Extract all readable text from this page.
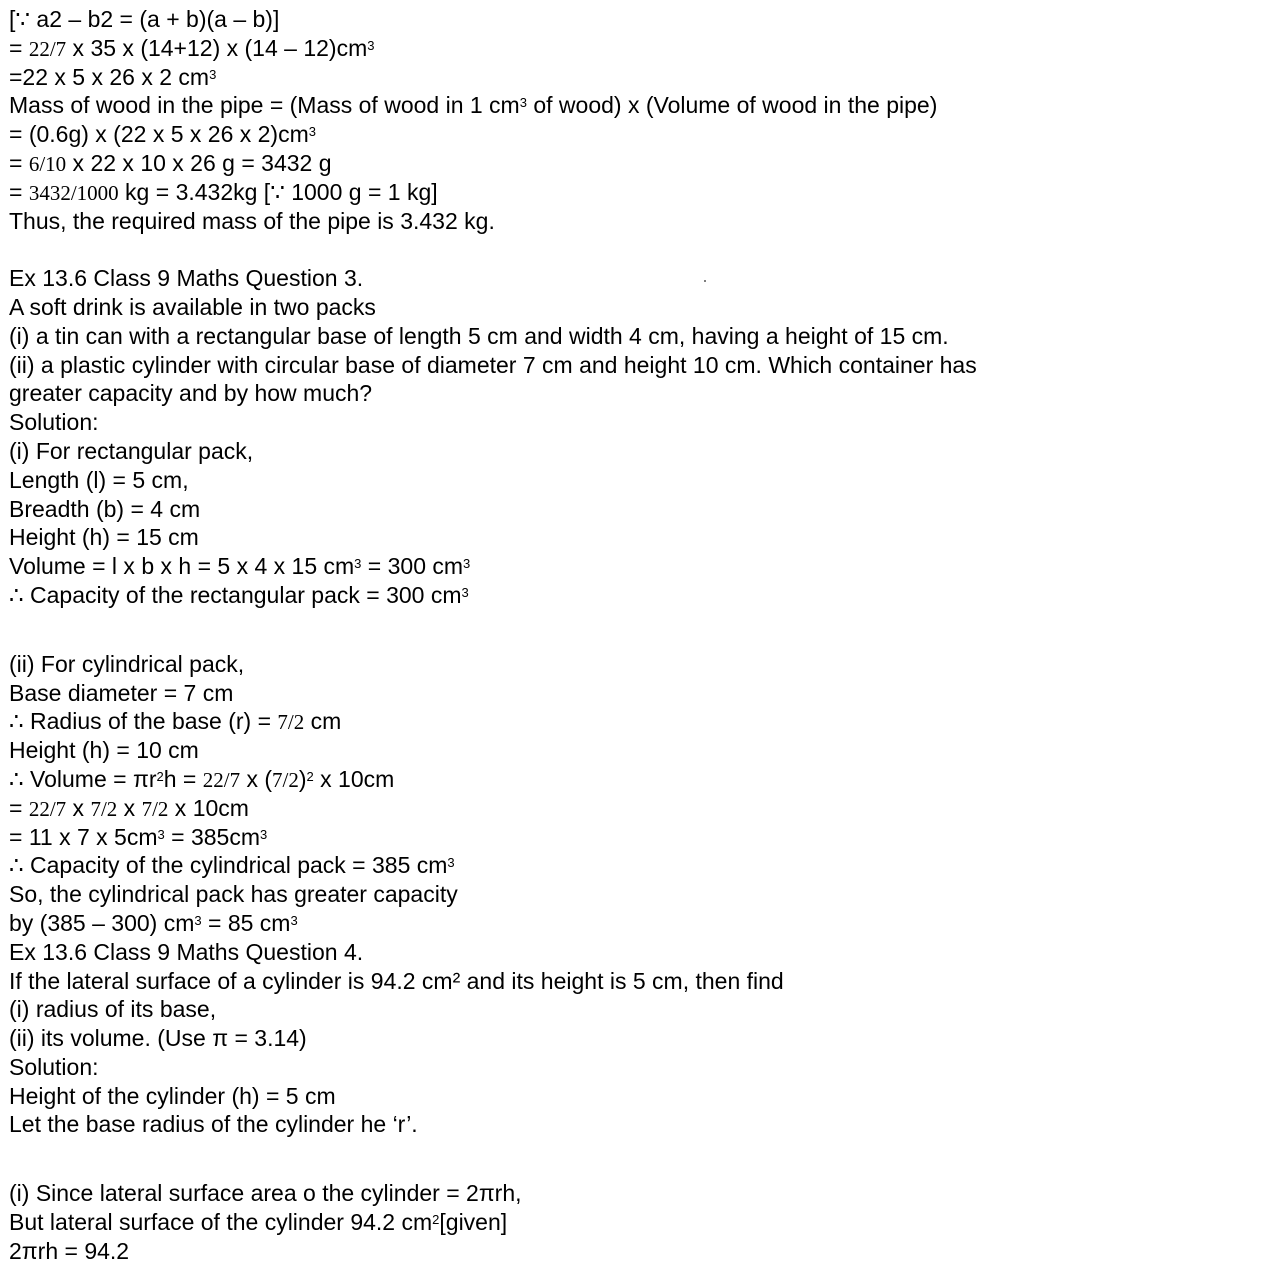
[∵ a2 – b2 = (a + b)(a – b)]
= 22/7 x 35 x (14+12) x $(14 - 12)cm^3$
=22 x 5 x 26 x 2 $cm^3$
Mass of wood in the pipe = (Mass of wood in 1 $cm^3$ of wood) x (Volume of wood in the pipe)
= (0.6g) x (22 x 5 x 26 x $2)cm^3$
= 6/10 x 22 x 10 x 26 g = 3432 g
= 3432/1000 kg = 3.432kg [∵ 1000 g = 1 kg]
Thus, the required mass of the pipe is 3.432 kg.
Ex 13.6 Class 9 Maths Question 3.
A soft drink is available in two packs
(i) a tin can with a rectangular base of length 5 cm and width 4 cm, having a height of 15 cm.
(ii) a plastic cylinder with circular base of diameter 7 cm and height 10 cm. Which container has
greater capacity and by how much?
Solution:
(i) For rectangular pack,
Length (l) = 5 cm,
Breadth (b) = 4 cm
Height (h) = 15 cm
Volume = l x b x h = 5 x 4 x 15 $cm^3 = 300$ $cm^3$
∴ Capacity of the rectangular pack = 300 $cm^3$
(ii) For cylindrical pack,
Base diameter = 7 cm
∴ Radius of the base (r) = 7/2 cm
Height (h) = 10 cm
∴ Volume = $\pi r^2h = 22/7$ x $(7/2)^2$ x 10cm
= 22/7 x 7/2 x 7/2 x 10cm
= 11 x 7 x $5cm^3 = 385cm^3$
∴ Capacity of the cylindrical pack = 385 $cm^3$
So, the cylindrical pack has greater capacity
by (385 – 300) $cm^3 = 85$ $cm^3$
Ex 13.6 Class 9 Maths Question 4.
If the lateral surface of a cylinder is 94.2 cm² and its height is 5 cm, then find
(i) radius of its base,
(ii) its volume. (Use π = 3.14)
Solution:
Height of the cylinder (h) = 5 cm
Let the base radius of the cylinder he ‘r’.
(i) Since lateral surface area o the cylinder = 2πrh,
But lateral surface of the cylinder 94.2 $cm^2[given]$
2πrh = 94.2
